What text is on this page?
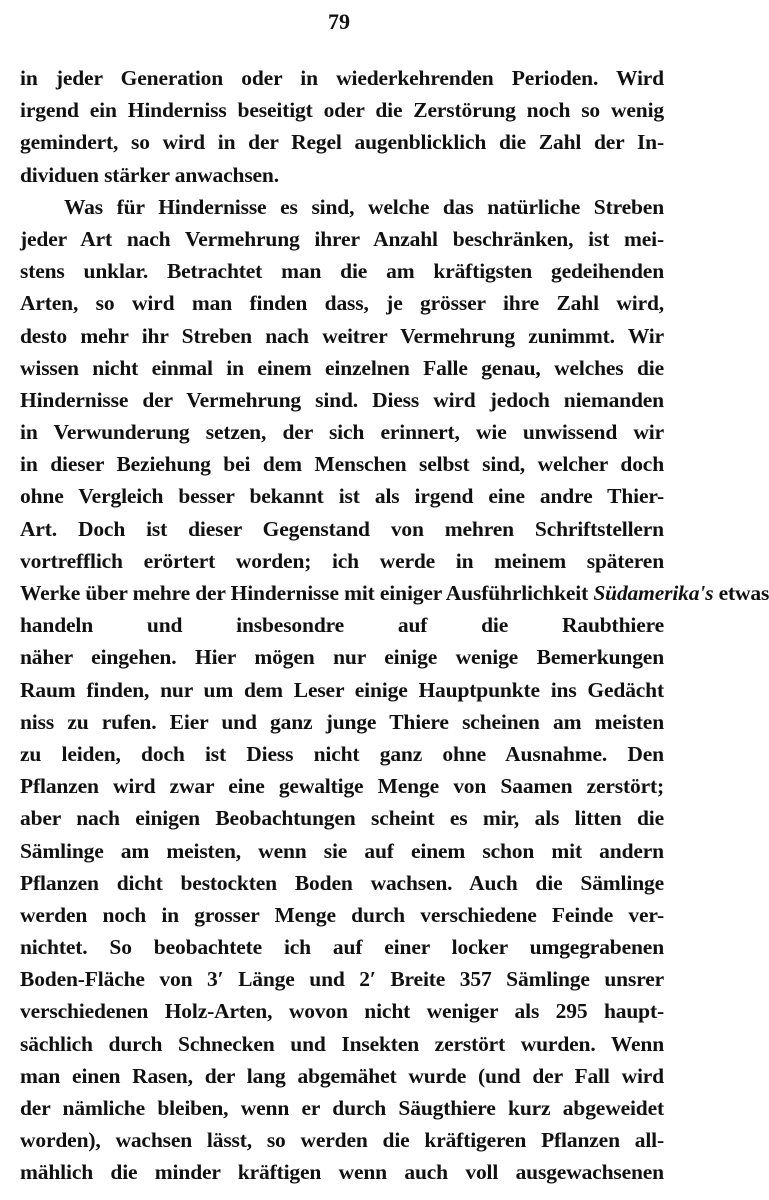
79
in jeder Generation oder in wiederkehrenden Perioden. Wird
irgend ein Hinderniss beseitigt oder die Zerstörung noch so wenig
gemindert, so wird in der Regel augenblicklich die Zahl der In-
dividuen stärker anwachsen.
Was für Hindernisse es sind, welche das natürliche Streben
jeder Art nach Vermehrung ihrer Anzahl beschränken, ist mei-
stens unklar. Betrachtet man die am kräftigsten gedeihenden
Arten, so wird man finden dass, je grösser ihre Zahl wird,
desto mehr ihr Streben nach weitrer Vermehrung zunimmt. Wir
wissen nicht einmal in einem einzelnen Falle genau, welches die
Hindernisse der Vermehrung sind. Diess wird jedoch niemanden
in Verwunderung setzen, der sich erinnert, wie unwissend wir
in dieser Beziehung bei dem Menschen selbst sind, welcher doch
ohne Vergleich besser bekannt ist als irgend eine andre Thier-
Art. Doch ist dieser Gegenstand von mehren Schriftstellern
vortrefflich erörtert worden; ich werde in meinem späteren
Werke über mehre der Hindernisse mit einiger Ausführlichkeit Südamerika's etwas
handeln und insbesondre auf die Raubthiere
näher eingehen. Hier mögen nur einige wenige Bemerkungen
Raum finden, nur um dem Leser einige Hauptpunkte ins Gedächt
niss zu rufen. Eier und ganz junge Thiere scheinen am meisten
zu leiden, doch ist Diess nicht ganz ohne Ausnahme. Den
Pflanzen wird zwar eine gewaltige Menge von Saamen zerstört;
aber nach einigen Beobachtungen scheint es mir, als litten die
Sämlinge am meisten, wenn sie auf einem schon mit andern
Pflanzen dicht bestockten Boden wachsen. Auch die Sämlinge
werden noch in grosser Menge durch verschiedene Feinde ver-
nichtet. So beobachtete ich auf einer locker umgegrabenen
Boden-Fläche von 3′ Länge und 2′ Breite 357 Sämlinge unsrer
verschiedenen Holz-Arten, wovon nicht weniger als 295 haupt-
sächlich durch Schnecken und Insekten zerstört wurden. Wenn
man einen Rasen, der lang abgemähet wurde (und der Fall wird
der nämliche bleiben, wenn er durch Säugthiere kurz abgeweidet
worden), wachsen lässt, so werden die kräftigeren Pflanzen all-
mählich die minder kräftigen wenn auch voll ausgewachsenen
